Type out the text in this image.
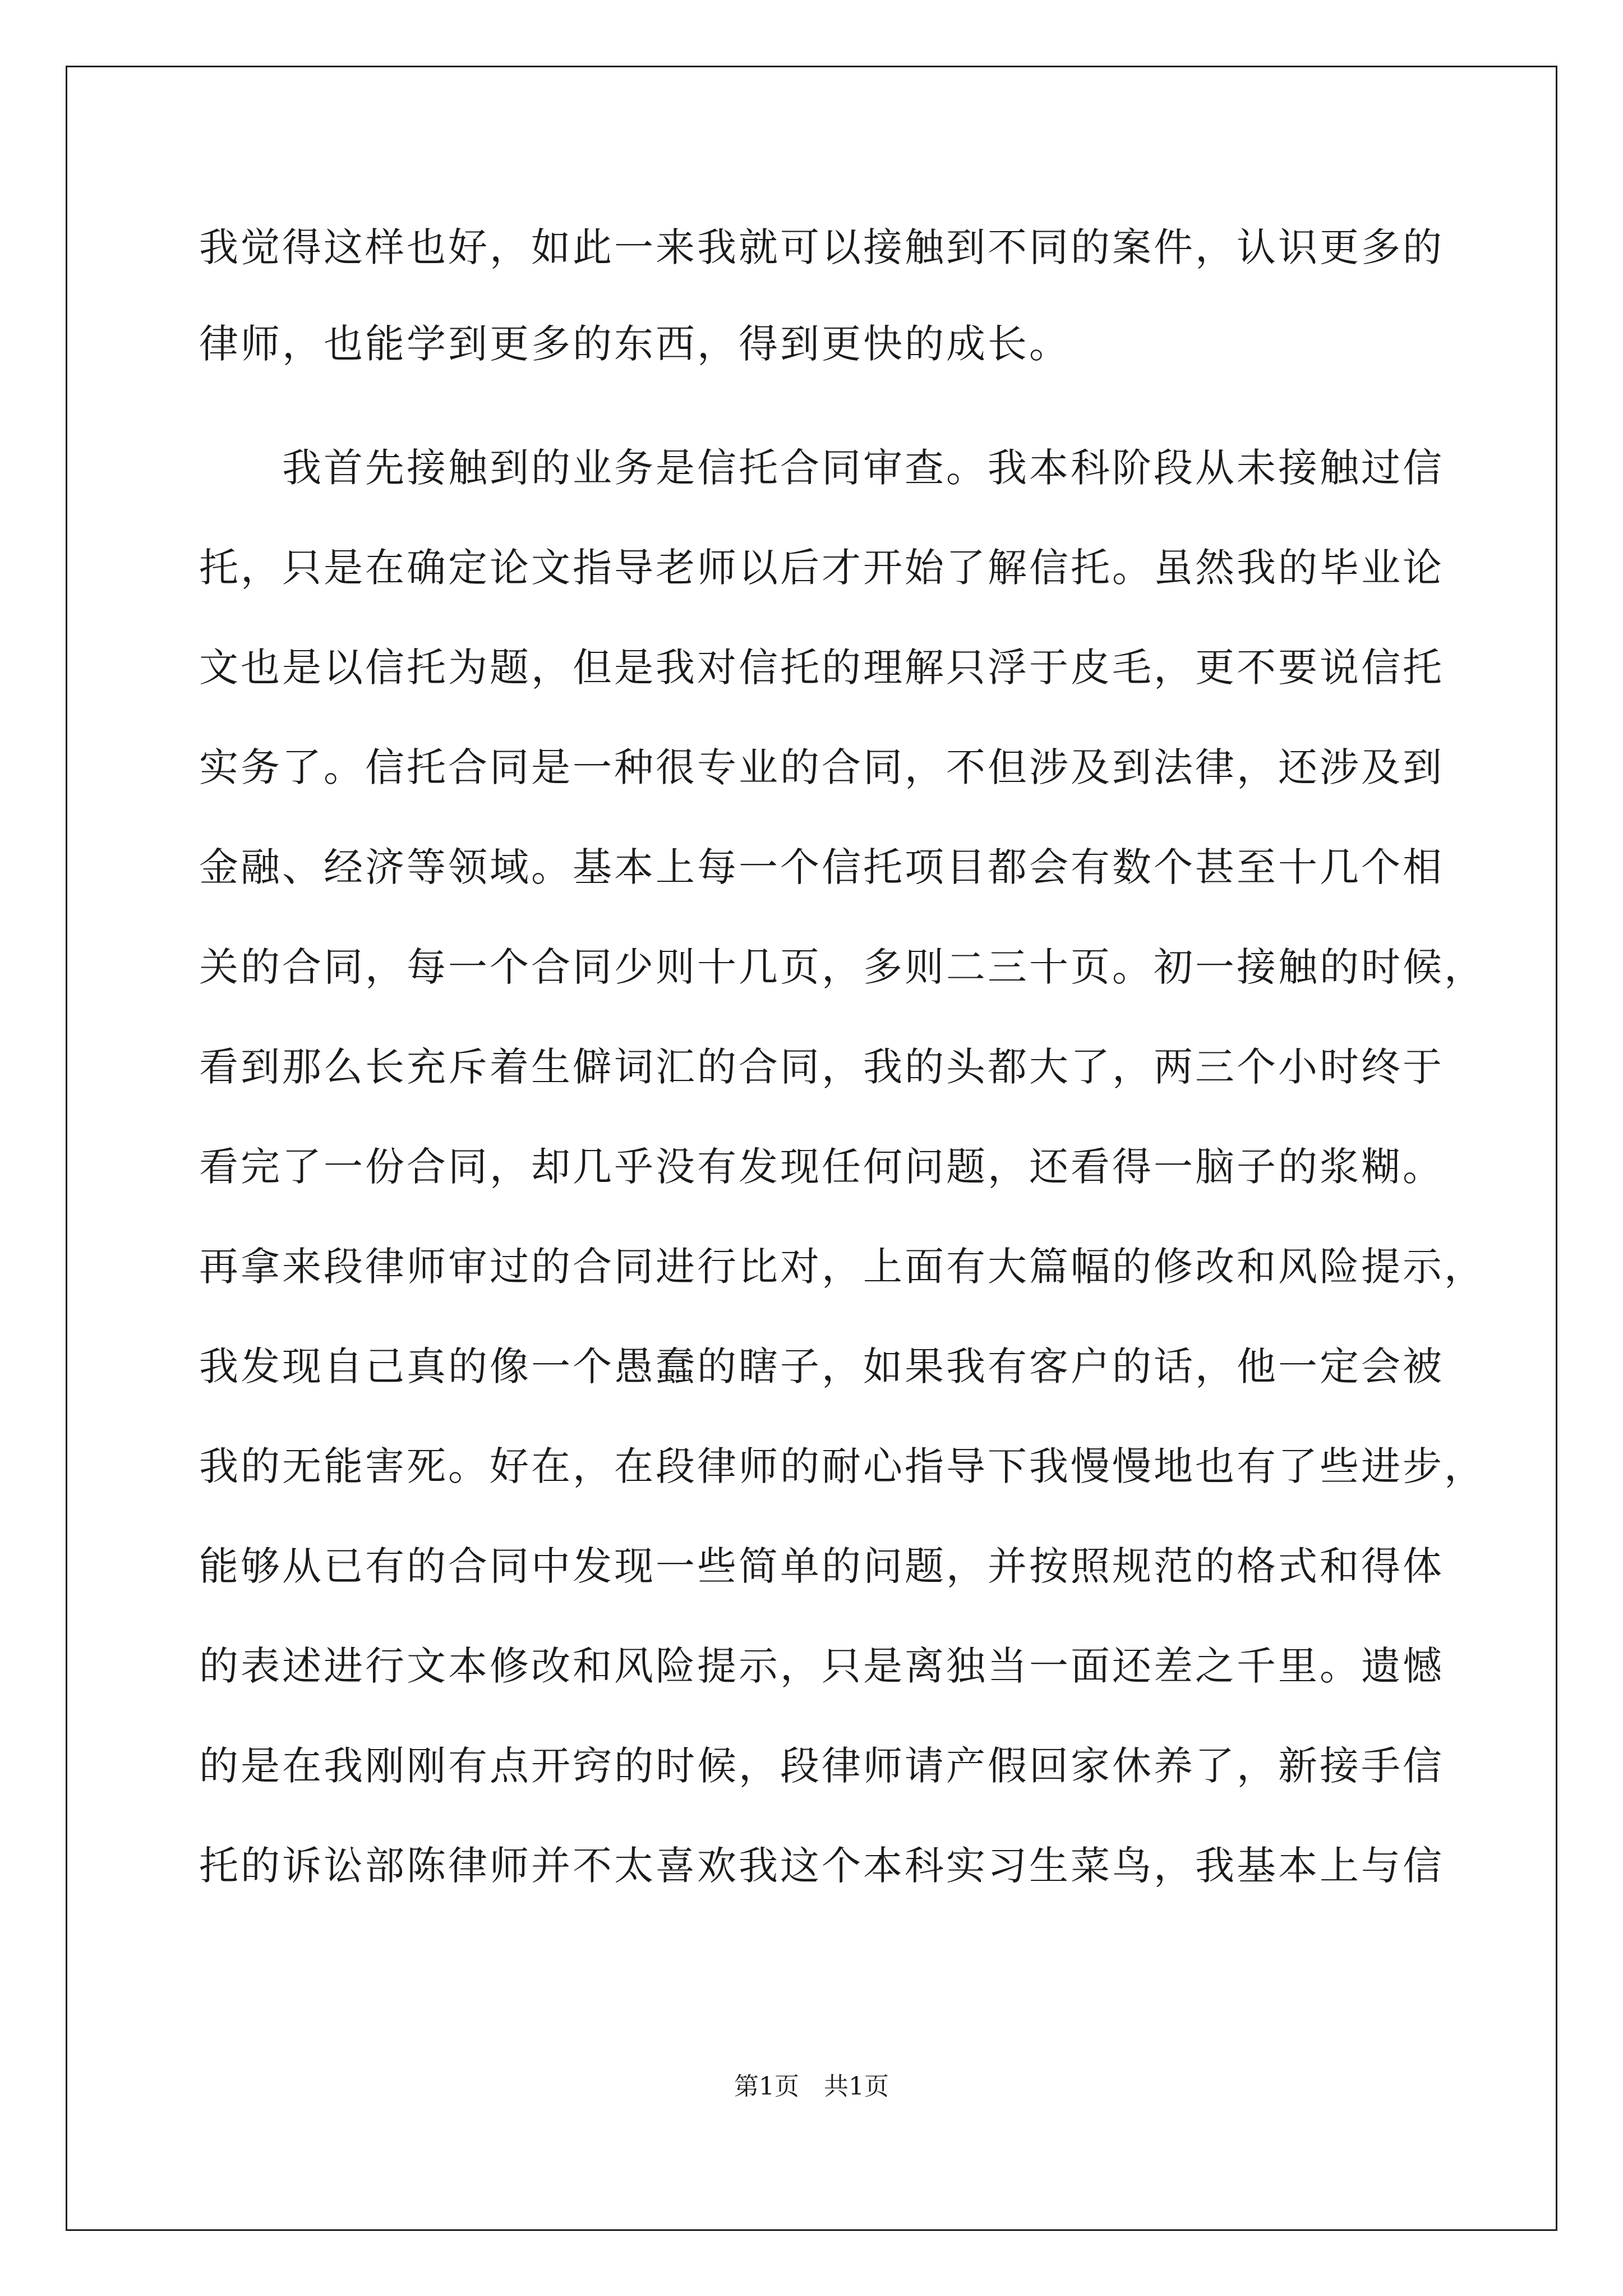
我觉得这样也好，如此一来我就可以接触到不同的案件，认识更多的
律师，也能学到更多的东西，得到更快的成长。
　　我首先接触到的业务是信托合同审查。我本科阶段从未接触过信
托，只是在确定论文指导老师以后才开始了解信托。虽然我的毕业论
文也是以信托为题，但是我对信托的理解只浮于皮毛，更不要说信托
实务了。信托合同是一种很专业的合同，不但涉及到法律，还涉及到
金融、经济等领域。基本上每一个信托项目都会有数个甚至十几个相
关的合同，每一个合同少则十几页，多则二三十页。初一接触的时候，
看到那么长充斥着生僻词汇的合同，我的头都大了，两三个小时终于
看完了一份合同，却几乎没有发现任何问题，还看得一脑子的浆糊。
再拿来段律师审过的合同进行比对，上面有大篇幅的修改和风险提示，
我发现自己真的像一个愚蠢的瞎子，如果我有客户的话，他一定会被
我的无能害死。好在，在段律师的耐心指导下我慢慢地也有了些进步，
能够从已有的合同中发现一些简单的问题，并按照规范的格式和得体
的表述进行文本修改和风险提示，只是离独当一面还差之千里。遗憾
的是在我刚刚有点开窍的时候，段律师请产假回家休养了，新接手信
托的诉讼部陈律师并不太喜欢我这个本科实习生菜鸟，我基本上与信
第1页　共1页
